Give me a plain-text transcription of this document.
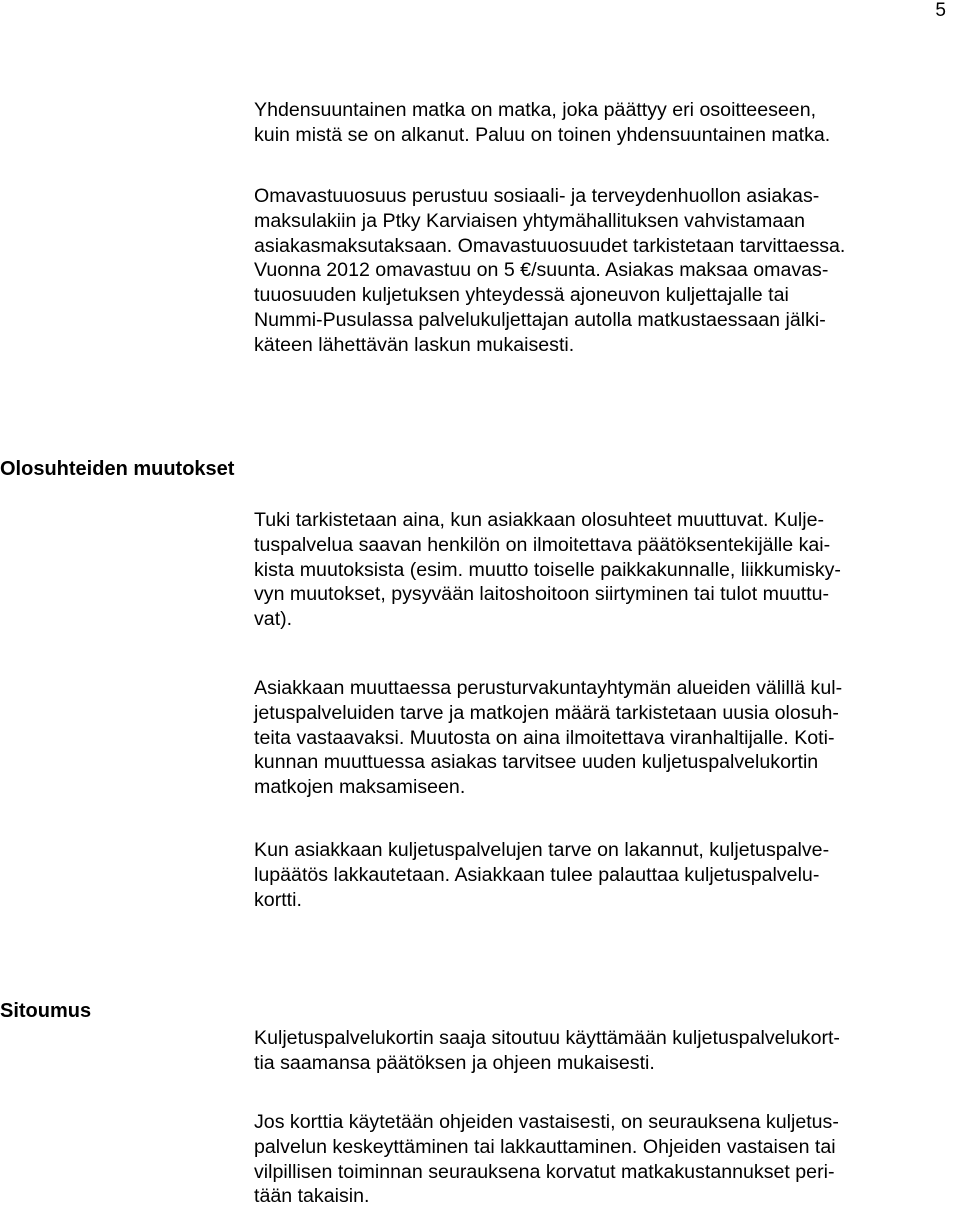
5

Yhdensuuntainen matka on matka, joka päättyy eri osoitteeseen,
kuin mistä se on alkanut. Paluu on toinen yhdensuuntainen matka.

Omavastuuosuus perustuu sosiaali- ja terveydenhuollon asiakas-
maksulakiin ja Ptky Karviaisen yhtymähallituksen vahvistamaan
asiakasmaksutaksaan. Omavastuuosuudet tarkistetaan tarvittaessa.
Vuonna 2012 omavastuu on 5 €/suunta. Asiakas maksaa omavas-
tuuosuuden kuljetuksen yhteydessä ajoneuvon kuljettajalle tai
Nummi-Pusulassa palvelukuljettajan autolla matkustaessaan jälki-
käteen lähettävän laskun mukaisesti.

Olosuhteiden muutokset

Tuki tarkistetaan aina, kun asiakkaan olosuhteet muuttuvat. Kulje-
tuspalvelua saavan henkilön on ilmoitettava päätöksentekijälle kai-
kista muutoksista (esim. muutto toiselle paikkakunnalle, liikkumisky-
vyn muutokset, pysyvään laitoshoitoon siirtyminen tai tulot muuttu-
vat).

Asiakkaan muuttaessa perusturvakuntayhtymän alueiden välillä kul-
jetuspalveluiden tarve ja matkojen määrä tarkistetaan uusia olosuh-
teita vastaavaksi. Muutosta on aina ilmoitettava viranhaltijalle. Koti-
kunnan muuttuessa asiakas tarvitsee uuden kuljetuspalvelukortin
matkojen maksamiseen.

Kun asiakkaan kuljetuspalvelujen tarve on lakannut, kuljetuspalve-
lupäätös lakkautetaan. Asiakkaan tulee palauttaa kuljetuspalvelu-
kortti.

Sitoumus

Kuljetuspalvelukortin saaja sitoutuu käyttämään kuljetuspalvelukort-
tia saamansa päätöksen ja ohjeen mukaisesti.

Jos korttia käytetään ohjeiden vastaisesti, on seurauksena kuljetus-
palvelun keskeyttäminen tai lakkauttaminen. Ohjeiden vastaisen tai
vilpillisen toiminnan seurauksena korvatut matkakustannukset peri-
tään takaisin.
